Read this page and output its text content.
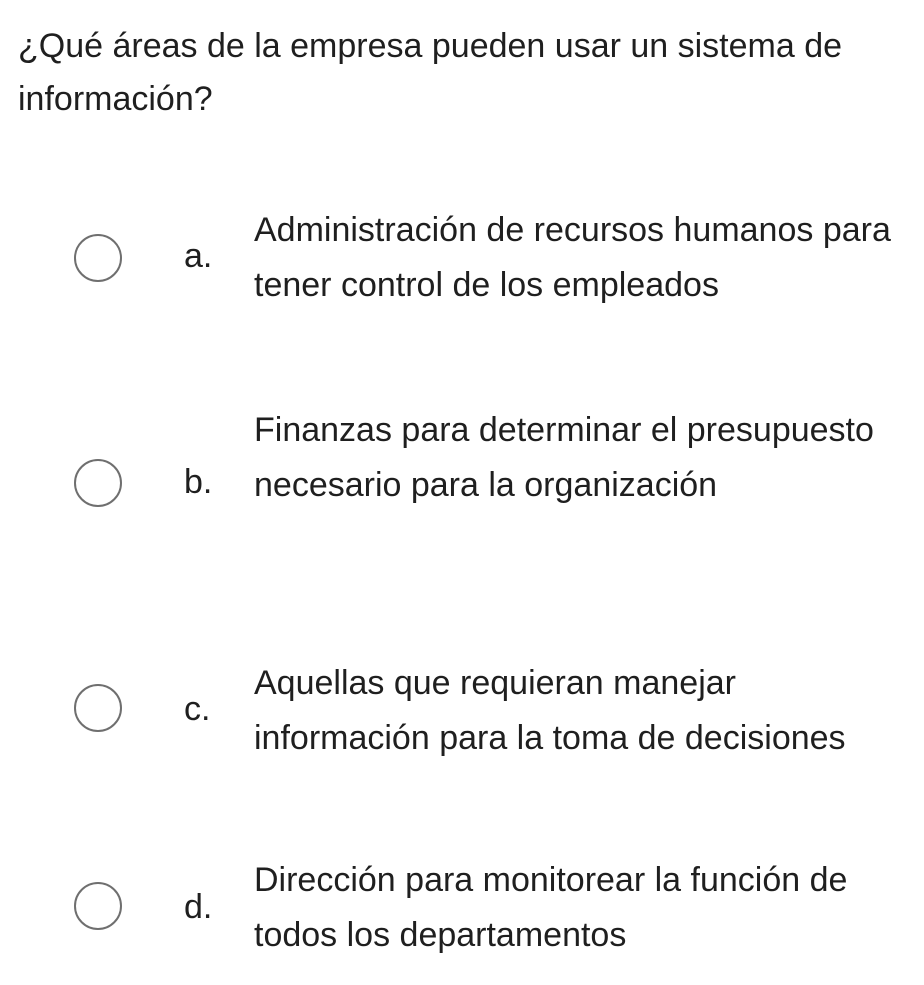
¿Qué áreas de la empresa pueden usar un sistema de información?
a.
Administración de recursos humanos para tener control de los empleados
b.
Finanzas para determinar el presupuesto necesario para la organización
c.
Aquellas que requieran manejar información para la toma de decisiones
d.
Dirección para monitorear la función de todos los departamentos
